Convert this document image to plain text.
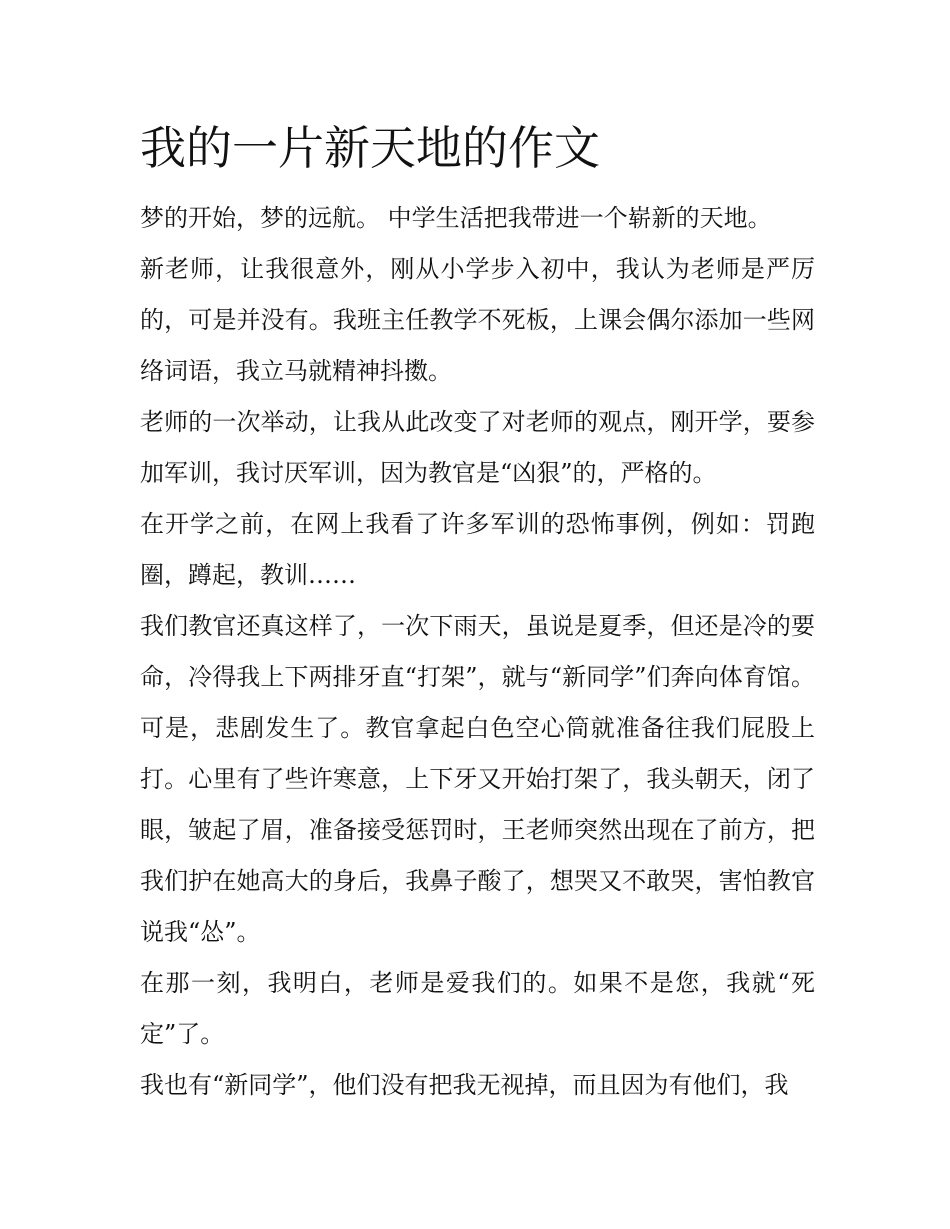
我的一片新天地的作文

梦的开始，梦的远航。 中学生活把我带进一个崭新的天地。

新老师，让我很意外，刚从小学步入初中，我认为老师是严厉的，可是并没有。我班主任教学不死板，上课会偶尔添加一些网络词语，我立马就精神抖擞。

老师的一次举动，让我从此改变了对老师的观点，刚开学，要参加军训，我讨厌军训，因为教官是“凶狠”的，严格的。

在开学之前，在网上我看了许多军训的恐怖事例，例如：罚跑圈，蹲起，教训……

我们教官还真这样了，一次下雨天，虽说是夏季，但还是冷的要命，冷得我上下两排牙直“打架”，就与“新同学”们奔向体育馆。可是，悲剧发生了。教官拿起白色空心筒就准备往我们屁股上打。心里有了些许寒意，上下牙又开始打架了，我头朝天，闭了眼，皱起了眉，准备接受惩罚时，王老师突然出现在了前方，把我们护在她高大的身后，我鼻子酸了，想哭又不敢哭，害怕教官说我“怂”。

在那一刻，我明白，老师是爱我们的。如果不是您，我就“死定”了。

我也有“新同学”，他们没有把我无视掉，而且因为有他们，我
